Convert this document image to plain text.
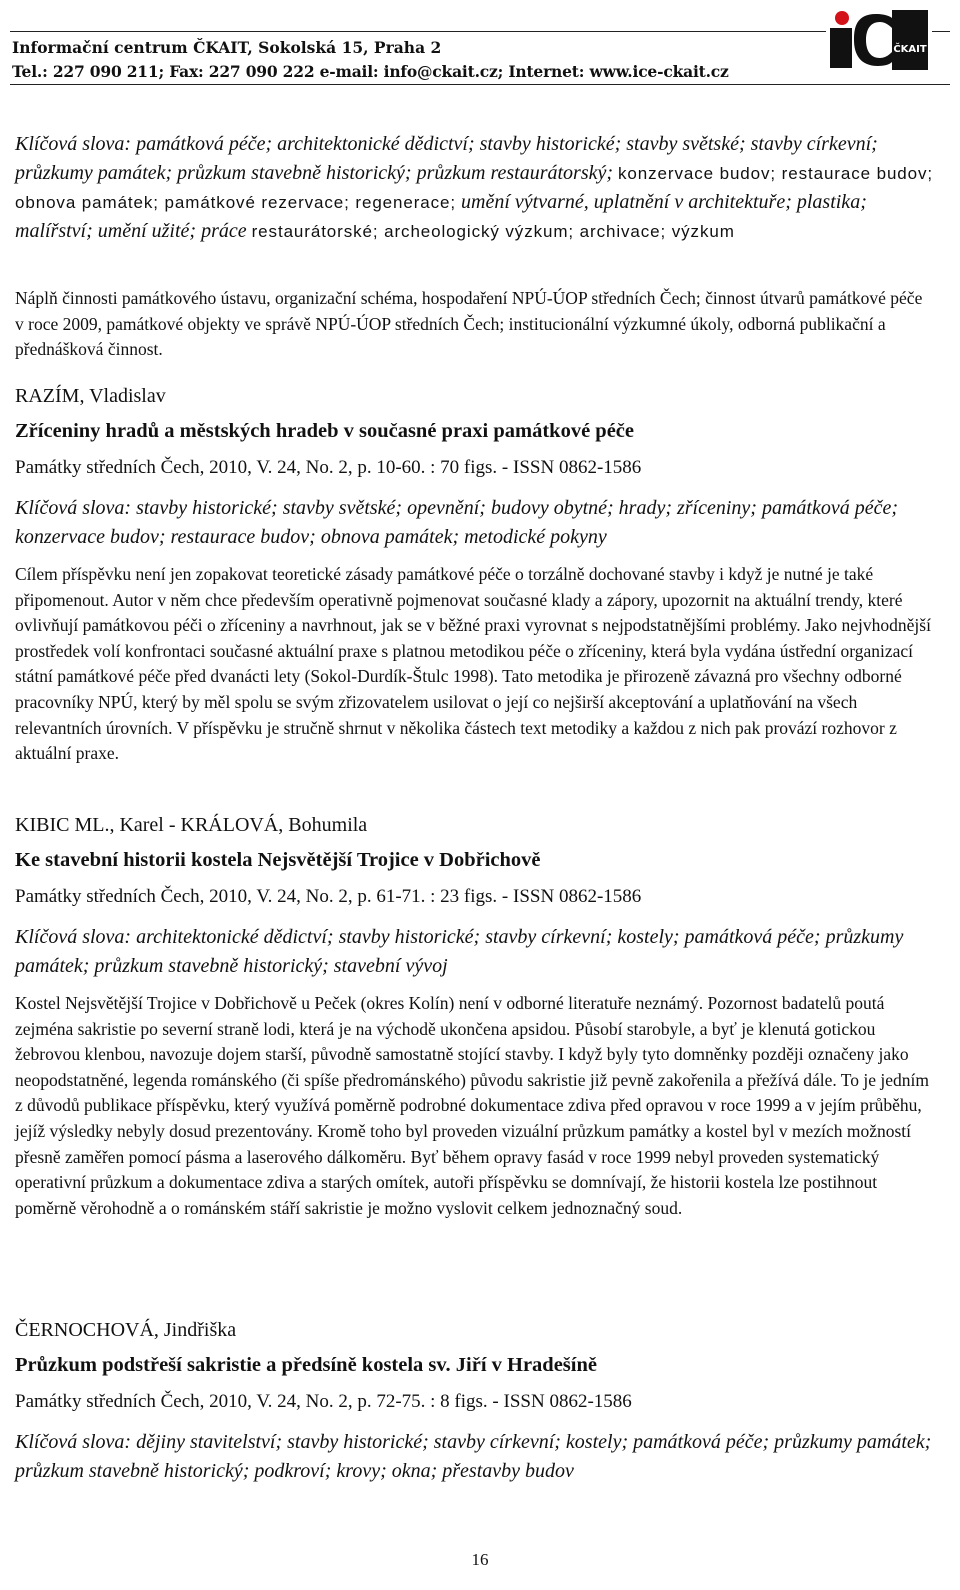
Informační centrum ČKAIT, Sokolská 15, Praha 2
Tel.: 227 090 211; Fax: 227 090 222 e-mail: info@ckait.cz; Internet: www.ice-ckait.cz
ČKAIT
Klíčová slova: památková péče; architektonické dědictví; stavby historické; stavby světské; stavby církevní; průzkumy památek; průzkum stavebně historický; průzkum restaurátorský; konzervace budov; restaurace budov; obnova památek; památkové rezervace; regenerace; umění výtvarné, uplatnění v architektuře; plastika; malířství; umění užité; práce restaurátorské; archeologický výzkum; archivace; výzkum
Náplň činnosti památkového ústavu, organizační schéma, hospodaření NPÚ-ÚOP středních Čech; činnost útvarů památkové péče v roce 2009, památkové objekty ve správě NPÚ-ÚOP středních Čech; institucionální výzkumné úkoly, odborná publikační a přednášková činnost.
RAZÍM, Vladislav
Zříceniny hradů a městských hradeb v současné praxi památkové péče
Památky středních Čech, 2010, V. 24, No. 2, p. 10-60. : 70 figs. - ISSN 0862-1586
Klíčová slova: stavby historické; stavby světské; opevnění; budovy obytné; hrady; zříceniny; památková péče; konzervace budov; restaurace budov; obnova památek; metodické pokyny
Cílem příspěvku není jen zopakovat teoretické zásady památkové péče o torzálně dochované stavby i když je nutné je také připomenout. Autor v něm chce především operativně pojmenovat současné klady a zápory, upozornit na aktuální trendy, které ovlivňují památkovou péči o zříceniny a navrhnout, jak se v běžné praxi vyrovnat s nejpodstatnějšími problémy. Jako nejvhodnější prostředek volí konfrontaci současné aktuální praxe s platnou metodikou péče o zříceniny, která byla vydána ústřední organizací státní památkové péče před dvanácti lety (Sokol-Durdík-Štulc 1998). Tato metodika je přirozeně závazná pro všechny odborné pracovníky NPÚ, který by měl spolu se svým zřizovatelem usilovat o její co nejširší akceptování a uplatňování na všech relevantních úrovních. V příspěvku je stručně shrnut v několika částech text metodiky a každou z nich pak provází rozhovor z aktuální praxe.
KIBIC ML., Karel - KRÁLOVÁ, Bohumila
Ke stavební historii kostela Nejsvětější Trojice v Dobřichově
Památky středních Čech, 2010, V. 24, No. 2, p. 61-71. : 23 figs. - ISSN 0862-1586
Klíčová slova: architektonické dědictví; stavby historické; stavby církevní; kostely; památková péče; průzkumy památek; průzkum stavebně historický; stavební vývoj
Kostel Nejsvětější Trojice v Dobřichově u Peček (okres Kolín) není v odborné literatuře neznámý. Pozornost badatelů poutá zejména sakristie po severní straně lodi, která je na východě ukončena apsidou. Působí starobyle, a byť je klenutá gotickou žebrovou klenbou, navozuje dojem starší, původně samostatně stojící stavby. I když byly tyto domněnky později označeny jako neopodstatněné, legenda románského (či spíše předrománského) původu sakristie již pevně zakořenila a přežívá dále. To je jedním z důvodů publikace příspěvku, který využívá poměrně podrobné dokumentace zdiva před opravou v roce 1999 a v jejím průběhu, jejíž výsledky nebyly dosud prezentovány. Kromě toho byl proveden vizuální průzkum památky a kostel byl v mezích možností přesně zaměřen pomocí pásma a laserového dálkoměru. Byť během opravy fasád v roce 1999 nebyl proveden systematický operativní průzkum a dokumentace zdiva a starých omítek, autoři příspěvku se domnívají, že historii kostela lze postihnout poměrně věrohodně a o románském stáří sakristie je možno vyslovit celkem jednoznačný soud.
ČERNOCHOVÁ, Jindřiška
Průzkum podstřeší sakristie a předsíně kostela sv. Jiří v Hradešíně
Památky středních Čech, 2010, V. 24, No. 2, p. 72-75. : 8 figs. - ISSN 0862-1586
Klíčová slova: dějiny stavitelství; stavby historické; stavby církevní; kostely; památková péče; průzkumy památek; průzkum stavebně historický; podkroví; krovy; okna; přestavby budov
16
